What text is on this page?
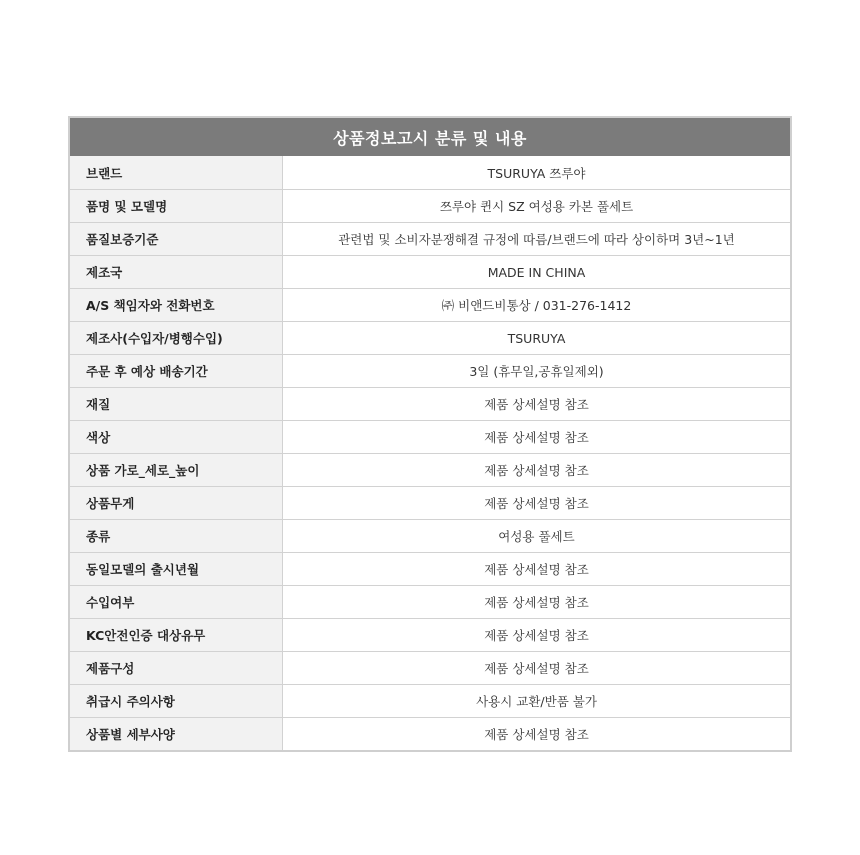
상품정보고시 분류 및 내용
브랜드	TSURUYA 쯔루야
품명 및 모델명	쯔루야 퀸시 SZ 여성용 카본 풀세트
품질보증기준	관련법 및 소비자분쟁해결 규정에 따름/브랜드에 따라 상이하며 3년~1년
제조국	MADE IN CHINA
A/S 책임자와 전화번호	㈜ 비앤드비통상 / 031-276-1412
제조사(수입자/병행수입)	TSURUYA
주문 후 예상 배송기간	3일 (휴무일,공휴일제외)
재질	제품 상세설명 참조
색상	제품 상세설명 참조
상품 가로_세로_높이	제품 상세설명 참조
상품무게	제품 상세설명 참조
종류	여성용 풀세트
동일모델의 출시년월	제품 상세설명 참조
수입여부	제품 상세설명 참조
KC안전인증 대상유무	제품 상세설명 참조
제품구성	제품 상세설명 참조
취급시 주의사항	사용시 교환/반품 불가
상품별 세부사양	제품 상세설명 참조
